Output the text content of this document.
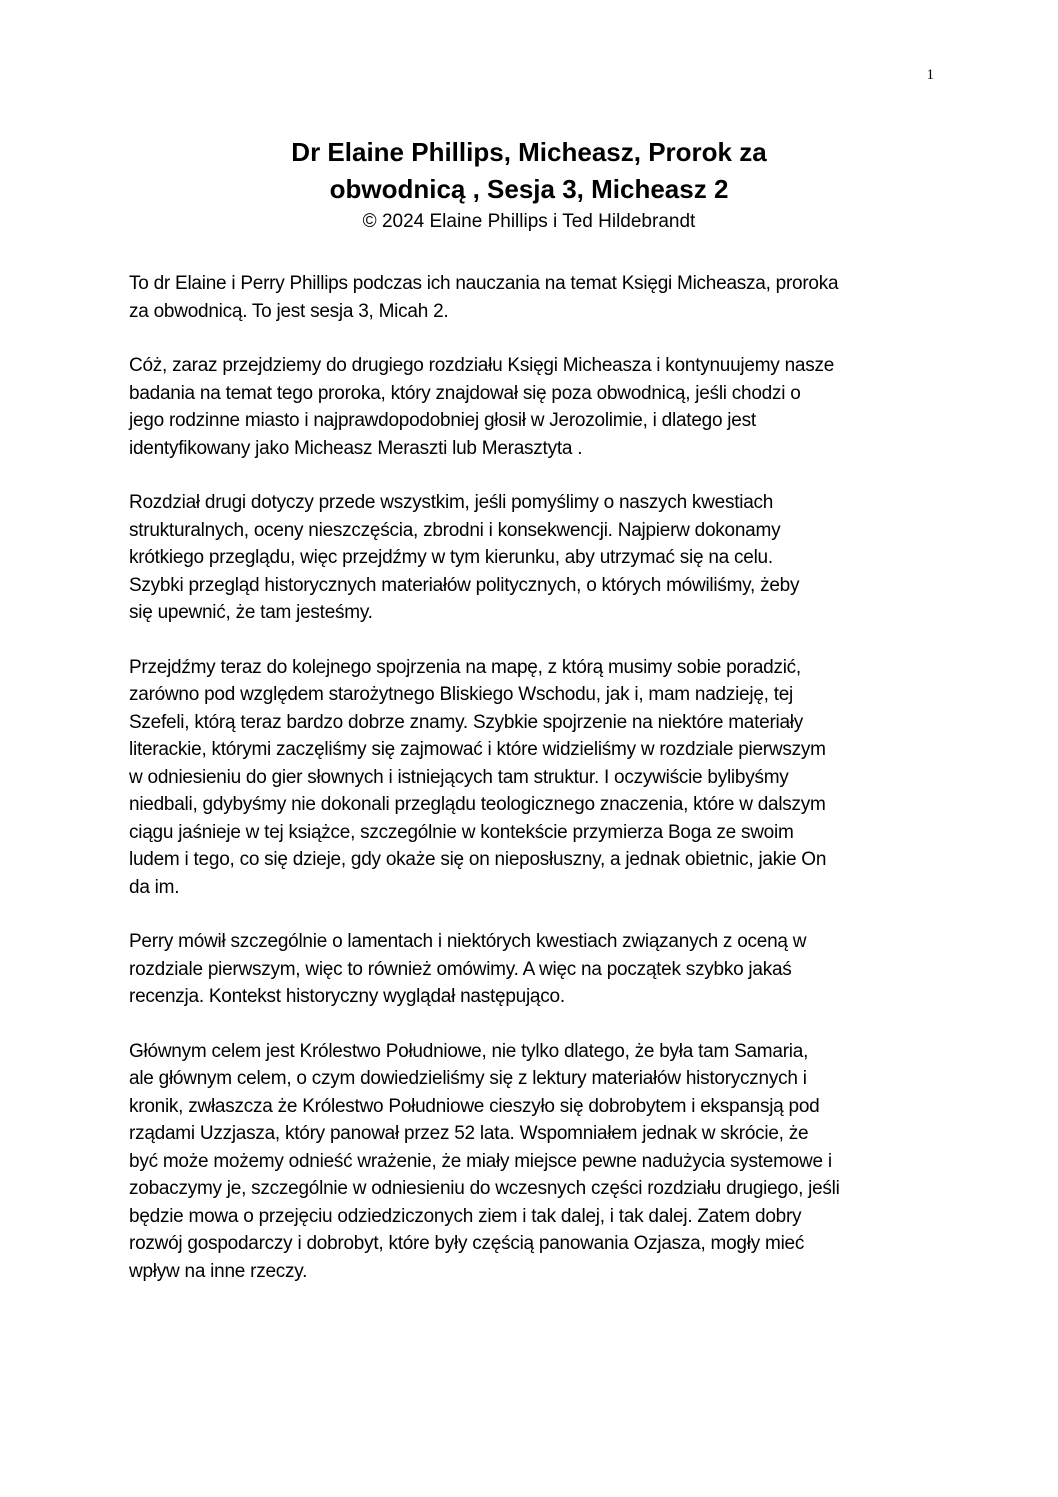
1
Dr Elaine Phillips, Micheasz, Prorok za
obwodnicą , Sesja 3, Micheasz 2

© 2024 Elaine Phillips i Ted Hildebrandt

To dr Elaine i Perry Phillips podczas ich nauczania na temat Księgi Micheasza, proroka
za obwodnicą. To jest sesja 3, Micah 2.

Cóż, zaraz przejdziemy do drugiego rozdziału Księgi Micheasza i kontynuujemy nasze
badania na temat tego proroka, który znajdował się poza obwodnicą, jeśli chodzi o
jego rodzinne miasto i najprawdopodobniej głosił w Jerozolimie, i dlatego jest
identyfikowany jako Micheasz Meraszti lub Merasztyta .

Rozdział drugi dotyczy przede wszystkim, jeśli pomyślimy o naszych kwestiach
strukturalnych, oceny nieszczęścia, zbrodni i konsekwencji. Najpierw dokonamy
krótkiego przeglądu, więc przejdźmy w tym kierunku, aby utrzymać się na celu.
Szybki przegląd historycznych materiałów politycznych, o których mówiliśmy, żeby
się upewnić, że tam jesteśmy.

Przejdźmy teraz do kolejnego spojrzenia na mapę, z którą musimy sobie poradzić,
zarówno pod względem starożytnego Bliskiego Wschodu, jak i, mam nadzieję, tej
Szefeli, którą teraz bardzo dobrze znamy. Szybkie spojrzenie na niektóre materiały
literackie, którymi zaczęliśmy się zajmować i które widzieliśmy w rozdziale pierwszym
w odniesieniu do gier słownych i istniejących tam struktur. I oczywiście bylibyśmy
niedbali, gdybyśmy nie dokonali przeglądu teologicznego znaczenia, które w dalszym
ciągu jaśnieje w tej książce, szczególnie w kontekście przymierza Boga ze swoim
ludem i tego, co się dzieje, gdy okaże się on nieposłuszny, a jednak obietnic, jakie On
da im.

Perry mówił szczególnie o lamentach i niektórych kwestiach związanych z oceną w
rozdziale pierwszym, więc to również omówimy. A więc na początek szybko jakaś
recenzja. Kontekst historyczny wyglądał następująco.

Głównym celem jest Królestwo Południowe, nie tylko dlatego, że była tam Samaria,
ale głównym celem, o czym dowiedzieliśmy się z lektury materiałów historycznych i
kronik, zwłaszcza że Królestwo Południowe cieszyło się dobrobytem i ekspansją pod
rządami Uzzjasza, który panował przez 52 lata. Wspomniałem jednak w skrócie, że
być może możemy odnieść wrażenie, że miały miejsce pewne nadużycia systemowe i
zobaczymy je, szczególnie w odniesieniu do wczesnych części rozdziału drugiego, jeśli
będzie mowa o przejęciu odziedziczonych ziem i tak dalej, i tak dalej. Zatem dobry
rozwój gospodarczy i dobrobyt, które były częścią panowania Ozjasza, mogły mieć
wpływ na inne rzeczy.
